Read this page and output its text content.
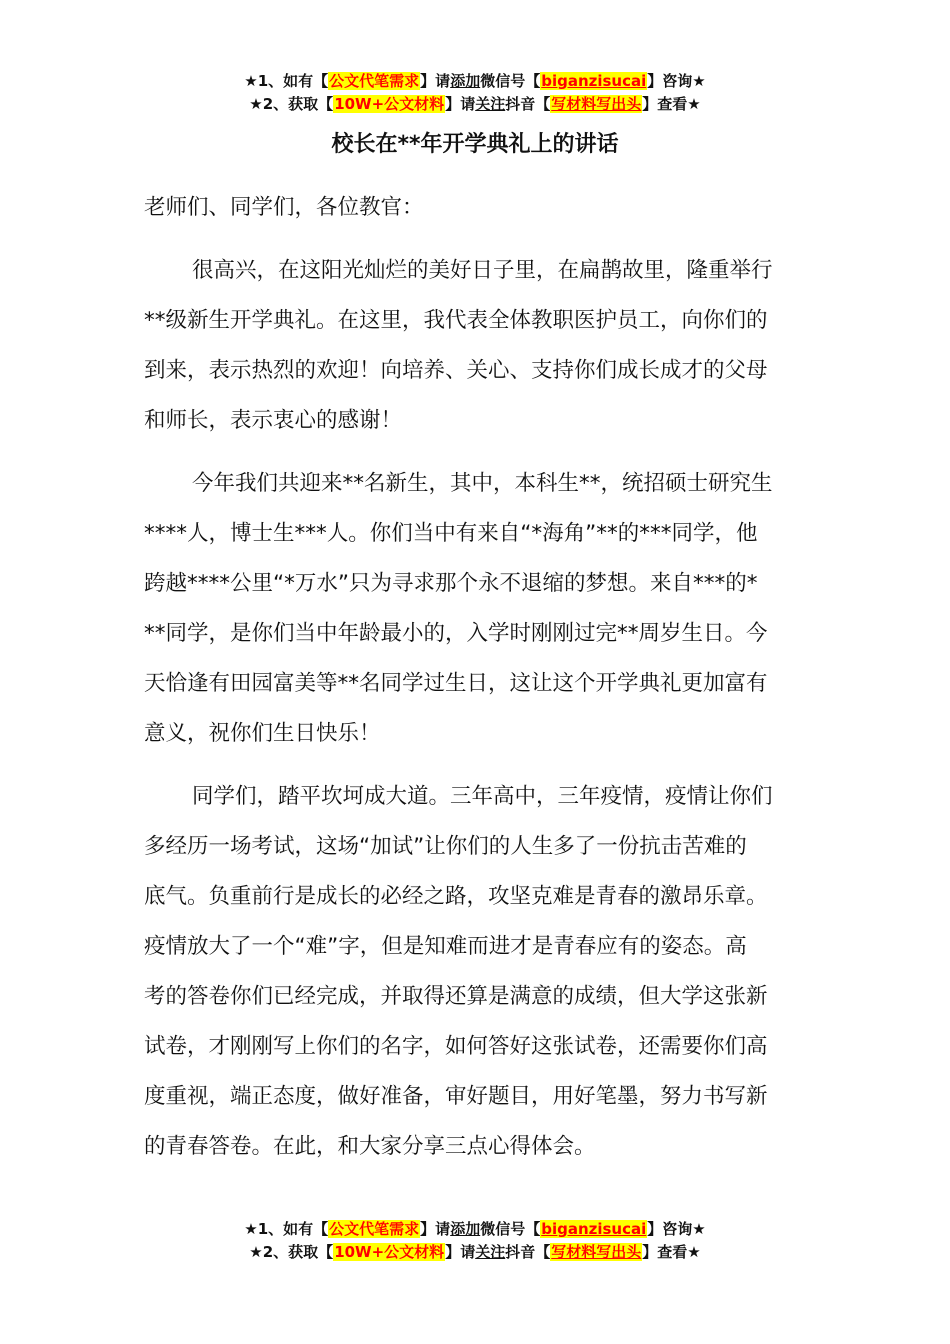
★1、如有【公文代笔需求】请添加微信号【biganzisucai】咨询★
★2、获取【10W+公文材料】请关注抖音【写材料写出头】查看★
校长在**年开学典礼上的讲话

老师们、同学们，各位教官：

很高兴，在这阳光灿烂的美好日子里，在扁鹊故里，隆重举行

**级新生开学典礼。在这里，我代表全体教职医护员工，向你们的

到来，表示热烈的欢迎！向培养、关心、支持你们成长成才的父母

和师长，表示衷心的感谢！

今年我们共迎来**名新生，其中，本科生**，统招硕士研究生

****人，博士生***人。你们当中有来自“*海角”**的***同学，他

跨越****公里“*万水”只为寻求那个永不退缩的梦想。来自***的*

**同学，是你们当中年龄最小的，入学时刚刚过完**周岁生日。今

天恰逢有田园富美等**名同学过生日，这让这个开学典礼更加富有

意义，祝你们生日快乐！

同学们，踏平坎坷成大道。三年高中，三年疫情，疫情让你们

多经历一场考试，这场“加试”让你们的人生多了一份抗击苦难的

底气。负重前行是成长的必经之路，攻坚克难是青春的激昂乐章。

疫情放大了一个“难”字，但是知难而进才是青春应有的姿态。高

考的答卷你们已经完成，并取得还算是满意的成绩，但大学这张新

试卷，才刚刚写上你们的名字，如何答好这张试卷，还需要你们高

度重视，端正态度，做好准备，审好题目，用好笔墨，努力书写新

的青春答卷。在此，和大家分享三点心得体会。

★1、如有【公文代笔需求】请添加微信号【biganzisucai】咨询★
★2、获取【10W+公文材料】请关注抖音【写材料写出头】查看★
